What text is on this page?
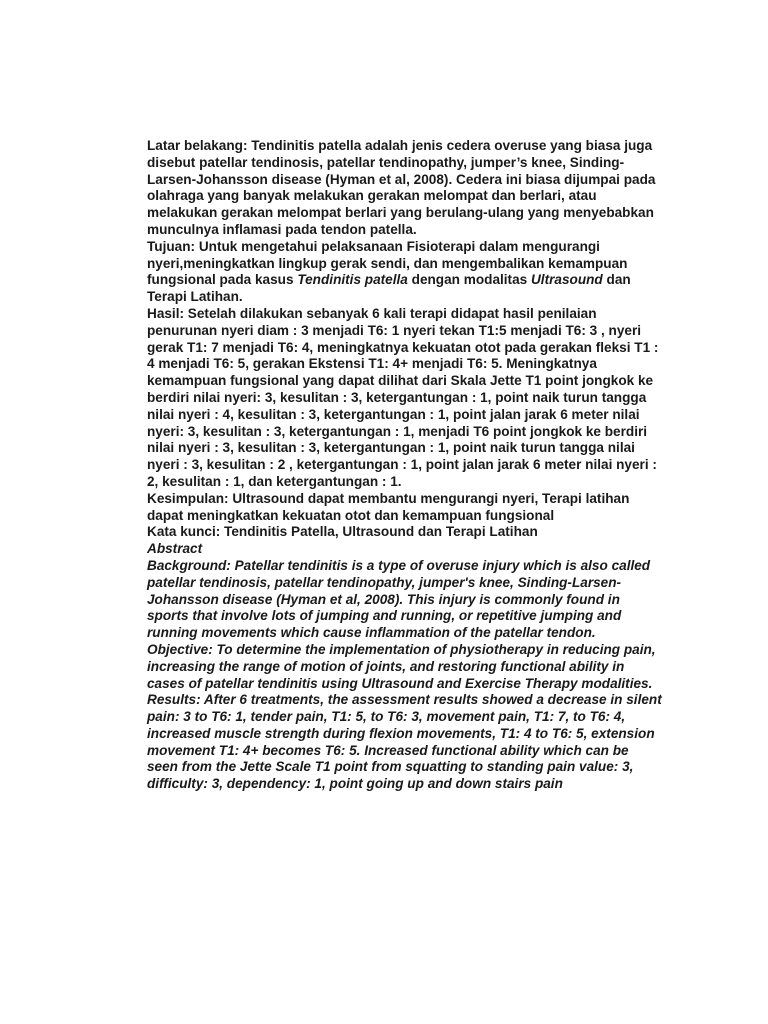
Latar belakang: Tendinitis patella adalah jenis cedera overuse yang biasa juga disebut patellar tendinosis, patellar tendinopathy, jumper’s knee, Sinding-Larsen-Johansson disease (Hyman et al, 2008). Cedera ini biasa dijumpai pada olahraga yang banyak melakukan gerakan melompat dan berlari, atau melakukan gerakan melompat berlari yang berulang-ulang yang menyebabkan munculnya inflamasi pada tendon patella.

Tujuan: Untuk mengetahui pelaksanaan Fisioterapi dalam mengurangi nyeri,meningkatkan lingkup gerak sendi, dan mengembalikan kemampuan fungsional pada kasus Tendinitis patella dengan modalitas Ultrasound dan Terapi Latihan.

Hasil: Setelah dilakukan sebanyak 6 kali terapi didapat hasil penilaian penurunan nyeri diam : 3 menjadi T6: 1 nyeri tekan T1:5 menjadi T6: 3 , nyeri gerak T1: 7 menjadi T6: 4, meningkatnya kekuatan otot pada gerakan fleksi T1 : 4 menjadi T6: 5, gerakan Ekstensi T1: 4+ menjadi T6: 5. Meningkatnya kemampuan fungsional yang dapat dilihat dari Skala Jette T1 point jongkok ke berdiri nilai nyeri: 3, kesulitan : 3, ketergantungan : 1, point naik turun tangga nilai nyeri : 4, kesulitan : 3, ketergantungan : 1, point jalan jarak 6 meter nilai nyeri: 3, kesulitan : 3, ketergantungan : 1, menjadi T6 point jongkok ke berdiri nilai nyeri : 3, kesulitan : 3, ketergantungan : 1, point naik turun tangga nilai nyeri : 3, kesulitan : 2 , ketergantungan : 1, point jalan jarak 6 meter nilai nyeri : 2, kesulitan : 1, dan ketergantungan : 1.

Kesimpulan: Ultrasound dapat membantu mengurangi nyeri, Terapi latihan dapat meningkatkan kekuatan otot dan kemampuan fungsional

Kata kunci: Tendinitis Patella, Ultrasound dan Terapi Latihan

Abstract

Background: Patellar tendinitis is a type of overuse injury which is also called patellar tendinosis, patellar tendinopathy, jumper's knee, Sinding-Larsen-Johansson disease (Hyman et al, 2008). This injury is commonly found in sports that involve lots of jumping and running, or repetitive jumping and running movements which cause inflammation of the patellar tendon.

Objective: To determine the implementation of physiotherapy in reducing pain, increasing the range of motion of joints, and restoring functional ability in cases of patellar tendinitis using Ultrasound and Exercise Therapy modalities.

Results: After 6 treatments, the assessment results showed a decrease in silent pain: 3 to T6: 1, tender pain, T1: 5, to T6: 3, movement pain, T1: 7, to T6: 4, increased muscle strength during flexion movements, T1: 4 to T6: 5, extension movement T1: 4+ becomes T6: 5. Increased functional ability which can be seen from the Jette Scale T1 point from squatting to standing pain value: 3, difficulty: 3, dependency: 1, point going up and down stairs pain
